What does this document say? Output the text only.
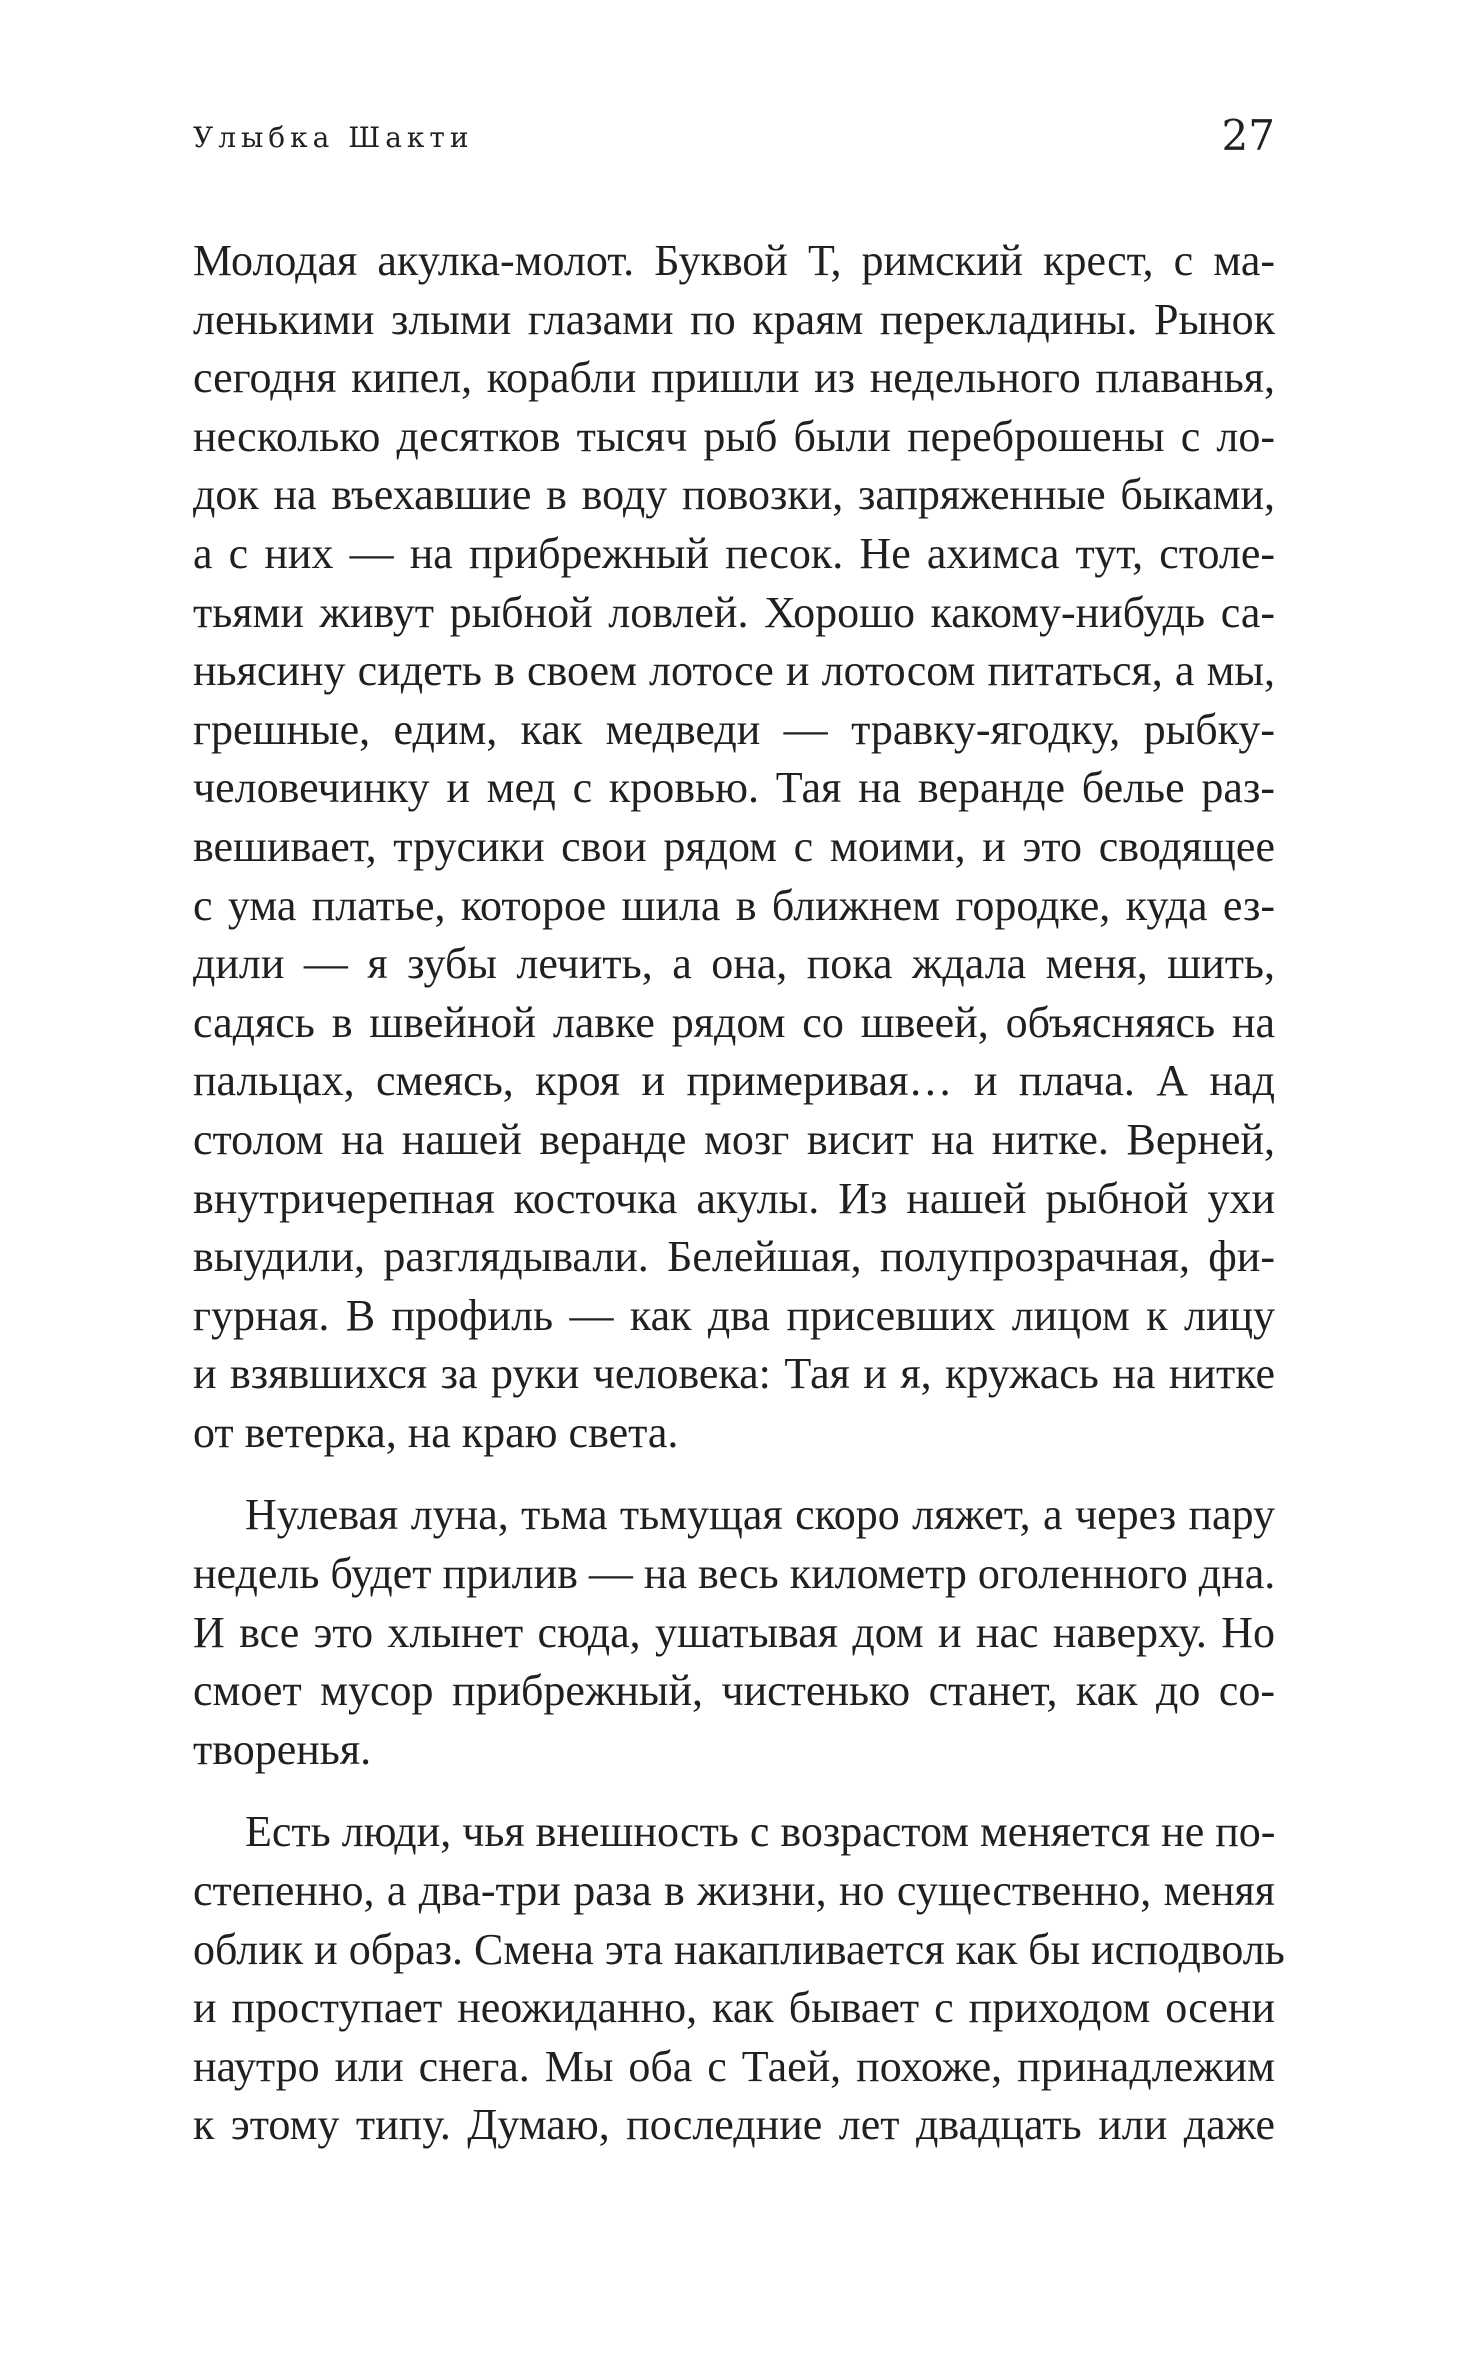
Улыбка Шакти	27

Молодая акулка-молот. Буквой Т, римский крест, с ма-
ленькими злыми глазами по краям перекладины. Рынок
сегодня кипел, корабли пришли из недельного плаванья,
несколько десятков тысяч рыб были переброшены с ло-
док на въехавшие в воду повозки, запряженные быками,
а с них — на прибрежный песок. Не ахимса тут, столе-
тьями живут рыбной ловлей. Хорошо какому-нибудь са-
ньясину сидеть в своем лотосе и лотосом питаться, а мы,
грешные, едим, как медведи — травку-ягодку, рыбку-
человечинку и мед с кровью. Тая на веранде белье раз-
вешивает, трусики свои рядом с моими, и это сводящее
с ума платье, которое шила в ближнем городке, куда ез-
дили — я зубы лечить, а она, пока ждала меня, шить,
садясь в швейной лавке рядом со швеей, объясняясь на
пальцах, смеясь, кроя и примеривая… и плача. А над
столом на нашей веранде мозг висит на нитке. Верней,
внутричерепная косточка акулы. Из нашей рыбной ухи
выудили, разглядывали. Белейшая, полупрозрачная, фи-
гурная. В профиль — как два присевших лицом к лицу
и взявшихся за руки человека: Тая и я, кружась на нитке
от ветерка, на краю света.

Нулевая луна, тьма тьмущая скоро ляжет, а через пару
недель будет прилив — на весь километр оголенного дна.
И все это хлынет сюда, ушатывая дом и нас наверху. Но
смоет мусор прибрежный, чистенько станет, как до со-
творенья.

Есть люди, чья внешность с возрастом меняется не по-
степенно, а два-три раза в жизни, но существенно, меняя
облик и образ. Смена эта накапливается как бы исподволь
и проступает неожиданно, как бывает с приходом осени
наутро или снега. Мы оба с Таей, похоже, принадлежим
к этому типу. Думаю, последние лет двадцать или даже
